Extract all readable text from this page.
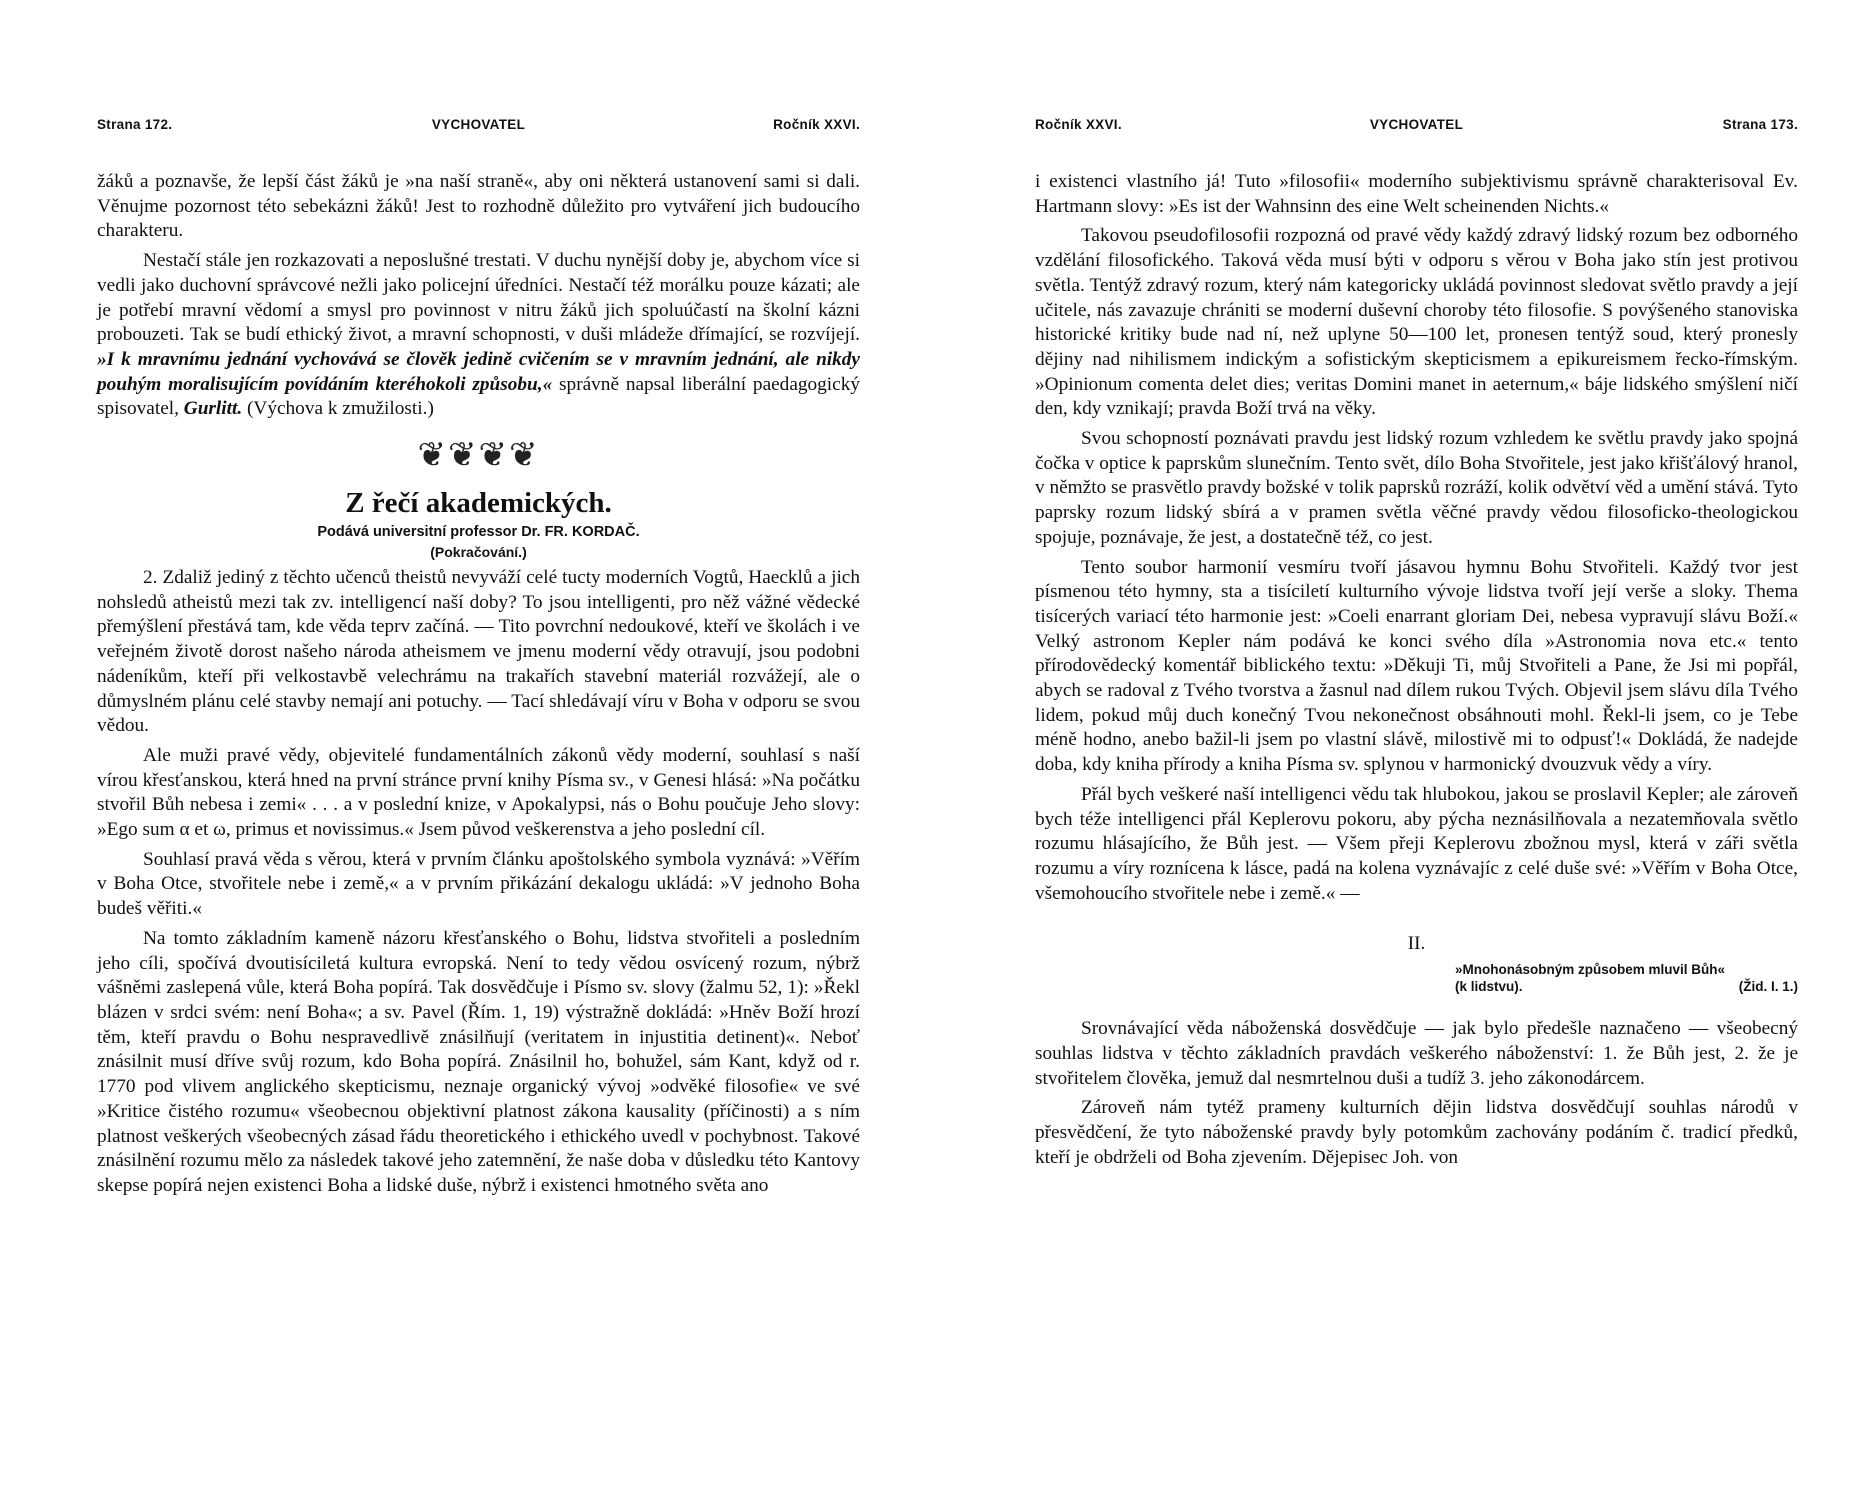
Strana 172.	VYCHOVATEL	Ročník XXVI.

žáků a poznavše, že lepší část žáků je »na naší straně«, aby oni některá ustanovení sami si dali. Věnujme pozornost této sebekázni žáků! Jest to rozhodně důležito pro vytváření jich budoucího charakteru.

Nestačí stále jen rozkazovati a neposlušné trestati. V duchu nynější doby je, abychom více si vedli jako duchovní správcové nežli jako policejní úředníci. Nestačí též morálku pouze kázati; ale je potřebí mravní vědomí a smysl pro povinnost v nitru žáků jich spoluúčastí na školní kázni probouzeti. Tak se budí ethický život, a mravní schopnosti, v duši mládeže dřímající, se rozvíjejí. »I k mravnímu jednání vychovává se člověk jedině cvičením se v mravním jednání, ale nikdy pouhým moralisujícím povídáním kteréhokoli způsobu,« správně napsal liberální paedagogický spisovatel, Gurlitt. (Výchova k zmužilosti.)

❦❦❦❦
Z řečí akademických.
Podává universitní professor Dr. FR. KORDAČ.
(Pokračování.)

2. Zdaliž jediný z těchto učenců theistů nevyváží celé tucty moderních Vogtů, Haecklů a jich nohsledů atheistů mezi tak zv. intelligencí naší doby? To jsou intelligenti, pro něž vážné vědecké přemýšlení přestává tam, kde věda teprv začíná. — Tito povrchní nedoukové, kteří ve školách i ve veřejném životě dorost našeho národa atheismem ve jmenu moderní vědy otravují, jsou podobni nádeníkům, kteří při velkostavbě velechrámu na trakařích stavební materiál rozvážejí, ale o důmyslném plánu celé stavby nemají ani potuchy. — Tací shledávají víru v Boha v odporu se svou vědou.

Ale muži pravé vědy, objevitelé fundamentálních zákonů vědy moderní, souhlasí s naší vírou křesťanskou, která hned na první stránce první knihy Písma sv., v Genesi hlásá: »Na počátku stvořil Bůh nebesa i zemi« . . . a v poslední knize, v Apokalypsi, nás o Bohu poučuje Jeho slovy: »Ego sum α et ω, primus et novissimus.« Jsem původ veškerenstva a jeho poslední cíl.

Souhlasí pravá věda s věrou, která v prvním článku apoštolského symbola vyznává: »Věřím v Boha Otce, stvořitele nebe i země,« a v prvním přikázání dekalogu ukládá: »V jednoho Boha budeš věřiti.«

Na tomto základním kameně názoru křesťanského o Bohu, lidstva stvořiteli a posledním jeho cíli, spočívá dvoutisíciletá kultura evropská. Není to tedy vědou osvícený rozum, nýbrž vášněmi zaslepená vůle, která Boha popírá. Tak dosvědčuje i Písmo sv. slovy (žalmu 52, 1): »Řekl blázen v srdci svém: není Boha«; a sv. Pavel (Řím. 1, 19) výstražně dokládá: »Hněv Boží hrozí těm, kteří pravdu o Bohu nespravedlivě znásilňují (veritatem in injustitia detinent)«. Neboť znásilnit musí dříve svůj rozum, kdo Boha popírá. Znásilnil ho, bohužel, sám Kant, když od r. 1770 pod vlivem anglického skepticismu, neznaje organický vývoj »odvěké filosofie« ve své »Kritice čistého rozumu« všeobecnou objektivní platnost zákona kausality (příčinosti) a s ním platnost veškerých všeobecných zásad řádu theoretického i ethického uvedl v pochybnost. Takové znásilnění rozumu mělo za následek takové jeho zatemnění, že naše doba v důsledku této Kantovy skepse popírá nejen existenci Boha a lidské duše, nýbrž i existenci hmotného světa ano

Ročník XXVI.	VYCHOVATEL	Strana 173.

i existenci vlastního já! Tuto »filosofii« moderního subjektivismu správně charakterisoval Ev. Hartmann slovy: »Es ist der Wahnsinn des eine Welt scheinenden Nichts.«

Takovou pseudofilosofii rozpozná od pravé vědy každý zdravý lidský rozum bez odborného vzdělání filosofického. Taková věda musí býti v odporu s věrou v Boha jako stín jest protivou světla. Tentýž zdravý rozum, který nám kategoricky ukládá povinnost sledovat světlo pravdy a její učitele, nás zavazuje chrániti se moderní duševní choroby této filosofie. S povýšeného stanoviska historické kritiky bude nad ní, než uplyne 50—100 let, pronesen tentýž soud, který pronesly dějiny nad nihilismem indickým a sofistickým skepticismem a epikureismem řecko-římským. »Opinionum comenta delet dies; veritas Domini manet in aeternum,« báje lidského smýšlení ničí den, kdy vznikají; pravda Boží trvá na věky.

Svou schopností poznávati pravdu jest lidský rozum vzhledem ke světlu pravdy jako spojná čočka v optice k paprskům slunečním. Tento svět, dílo Boha Stvořitele, jest jako křišťálový hranol, v němžto se prasvětlo pravdy božské v tolik paprsků rozráží, kolik odvětví věd a umění stává. Tyto paprsky rozum lidský sbírá a v pramen světla věčné pravdy vědou filosoficko-theologickou spojuje, poznávaje, že jest, a dostatečně též, co jest.

Tento soubor harmonií vesmíru tvoří jásavou hymnu Bohu Stvořiteli. Každý tvor jest písmenou této hymny, sta a tisíciletí kulturního vývoje lidstva tvoří její verše a sloky. Thema tisícerých variací této harmonie jest: »Coeli enarrant gloriam Dei, nebesa vypravují slávu Boží.« Velký astronom Kepler nám podává ke konci svého díla »Astronomia nova etc.« tento přírodovědecký komentář biblického textu: »Děkuji Ti, můj Stvořiteli a Pane, že Jsi mi popřál, abych se radoval z Tvého tvorstva a žasnul nad dílem rukou Tvých. Objevil jsem slávu díla Tvého lidem, pokud můj duch konečný Tvou nekonečnost obsáhnouti mohl. Řekl-li jsem, co je Tebe méně hodno, anebo bažil-li jsem po vlastní slávě, milostivě mi to odpusť!« Dokládá, že nadejde doba, kdy kniha přírody a kniha Písma sv. splynou v harmonický dvouzvuk vědy a víry.

Přál bych veškeré naší intelligenci vědu tak hlubokou, jakou se proslavil Kepler; ale zároveň bych téže intelligenci přál Keplerovu pokoru, aby pýcha neznásilňovala a nezatemňovala světlo rozumu hlásajícího, že Bůh jest. — Všem přeji Keplerovu zbožnou mysl, která v záři světla rozumu a víry roznícena k lásce, padá na kolena vyznávajíc z celé duše své: »Věřím v Boha Otce, všemohoucího stvořitele nebe i země.« —

II.
»Mnohonásobným způsobem mluvil Bůh«
(k lidstvu).	(Žid. I. 1.)

Srovnávající věda náboženská dosvědčuje — jak bylo předešle naznačeno — všeobecný souhlas lidstva v těchto základních pravdách veškerého náboženství: 1. že Bůh jest, 2. že je stvořitelem člověka, jemuž dal nesmrtelnou duši a tudíž 3. jeho zákonodárcem.

Zároveň nám tytéž prameny kulturních dějin lidstva dosvědčují souhlas národů v přesvědčení, že tyto náboženské pravdy byly potomkům zachovány podáním č. tradicí předků, kteří je obdrželi od Boha zjevením. Dějepisec Joh. von
